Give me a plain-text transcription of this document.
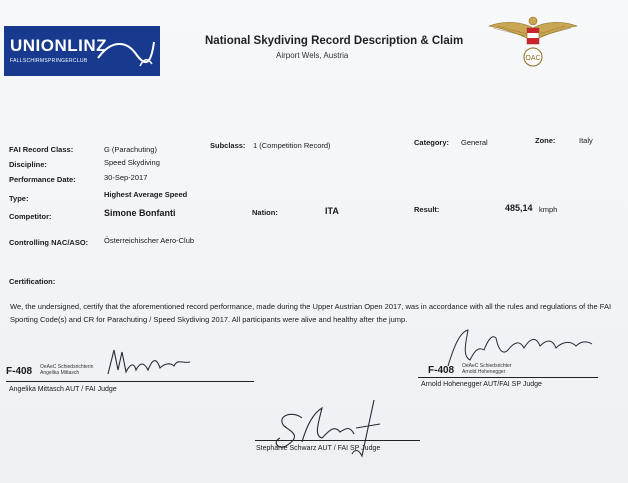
UNIONLINZ
FALLSCHIRMSPRINGERCLUB
National Skydiving Record Description & Claim
Airport Wels, Austria	OAC
FAI Record Class:	G (Parachuting)	Subclass: 1 (Competition Record)	Category: General	Zone:	Italy
Discipline:	Speed Skydiving
Performance Date:	30-Sep-2017
Type:	Highest Average Speed
Competitor:	Simone Bonfanti	Nation:	ITA	Result:	485,14 kmph
Controlling NAC/ASO: Österreichischer Aero-Club
Certification:
We, the undersigned, certify that the aforementioned record performance, made during the Upper Austrian Open 2017, was in accordance with all the rules and regulations of the FAI Sporting Code(s) and CR for Parachuting / Speed Skydiving 2017. All participants were alive and healthy after the jump.
F-408 OeAeC Schiedsrichterin
Angelika Mittasch
Angelika Mittasch AUT / FAI Judge
F-408 OeAeC Schiedsrichter
Arnold Hohenegger
Arnold Hohenegger AUT/FAI SP Judge
Stephanie Schwarz AUT / FAI SP Judge
